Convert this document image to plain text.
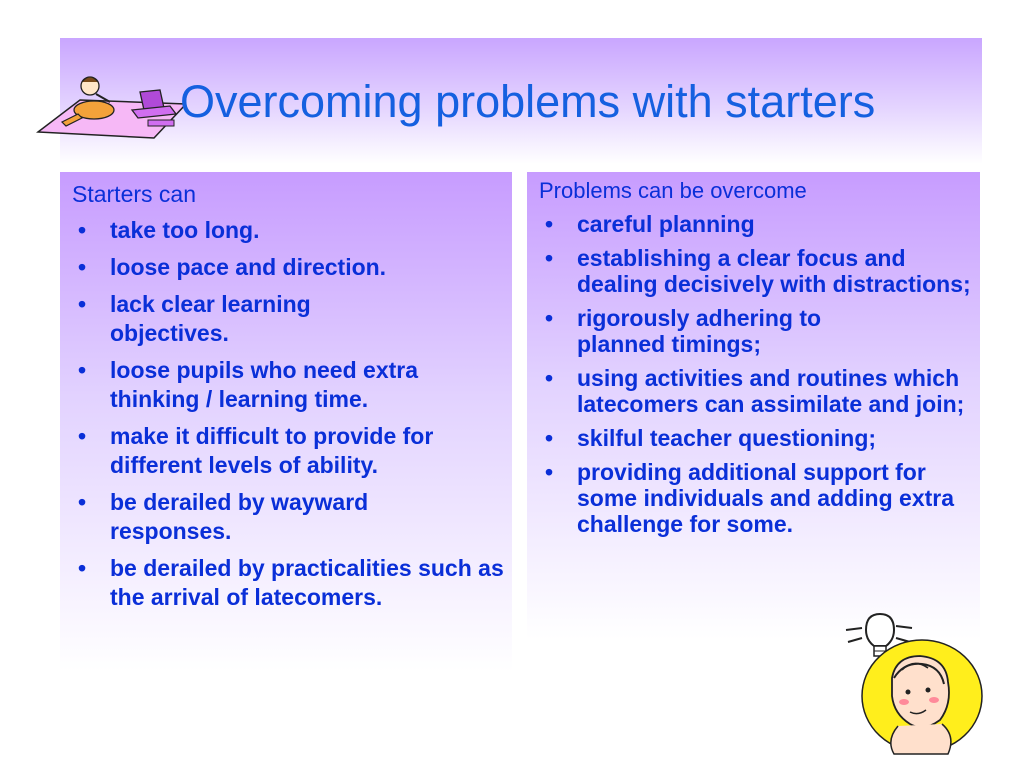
Overcoming problems with starters
Starters can
• take too long.
• loose pace and direction.
• lack clear learning objectives.
• loose pupils who need extra thinking / learning time.
• make it difficult to provide for different levels of ability.
• be derailed by wayward responses.
• be derailed by practicalities such as the arrival of latecomers.
Problems can be overcome
• careful planning
• establishing a clear focus and dealing decisively with distractions;
• rigorously adhering to planned timings;
• using activities and routines which latecomers can assimilate and join;
• skilful teacher questioning;
• providing additional support for some individuals and adding extra challenge for some.
